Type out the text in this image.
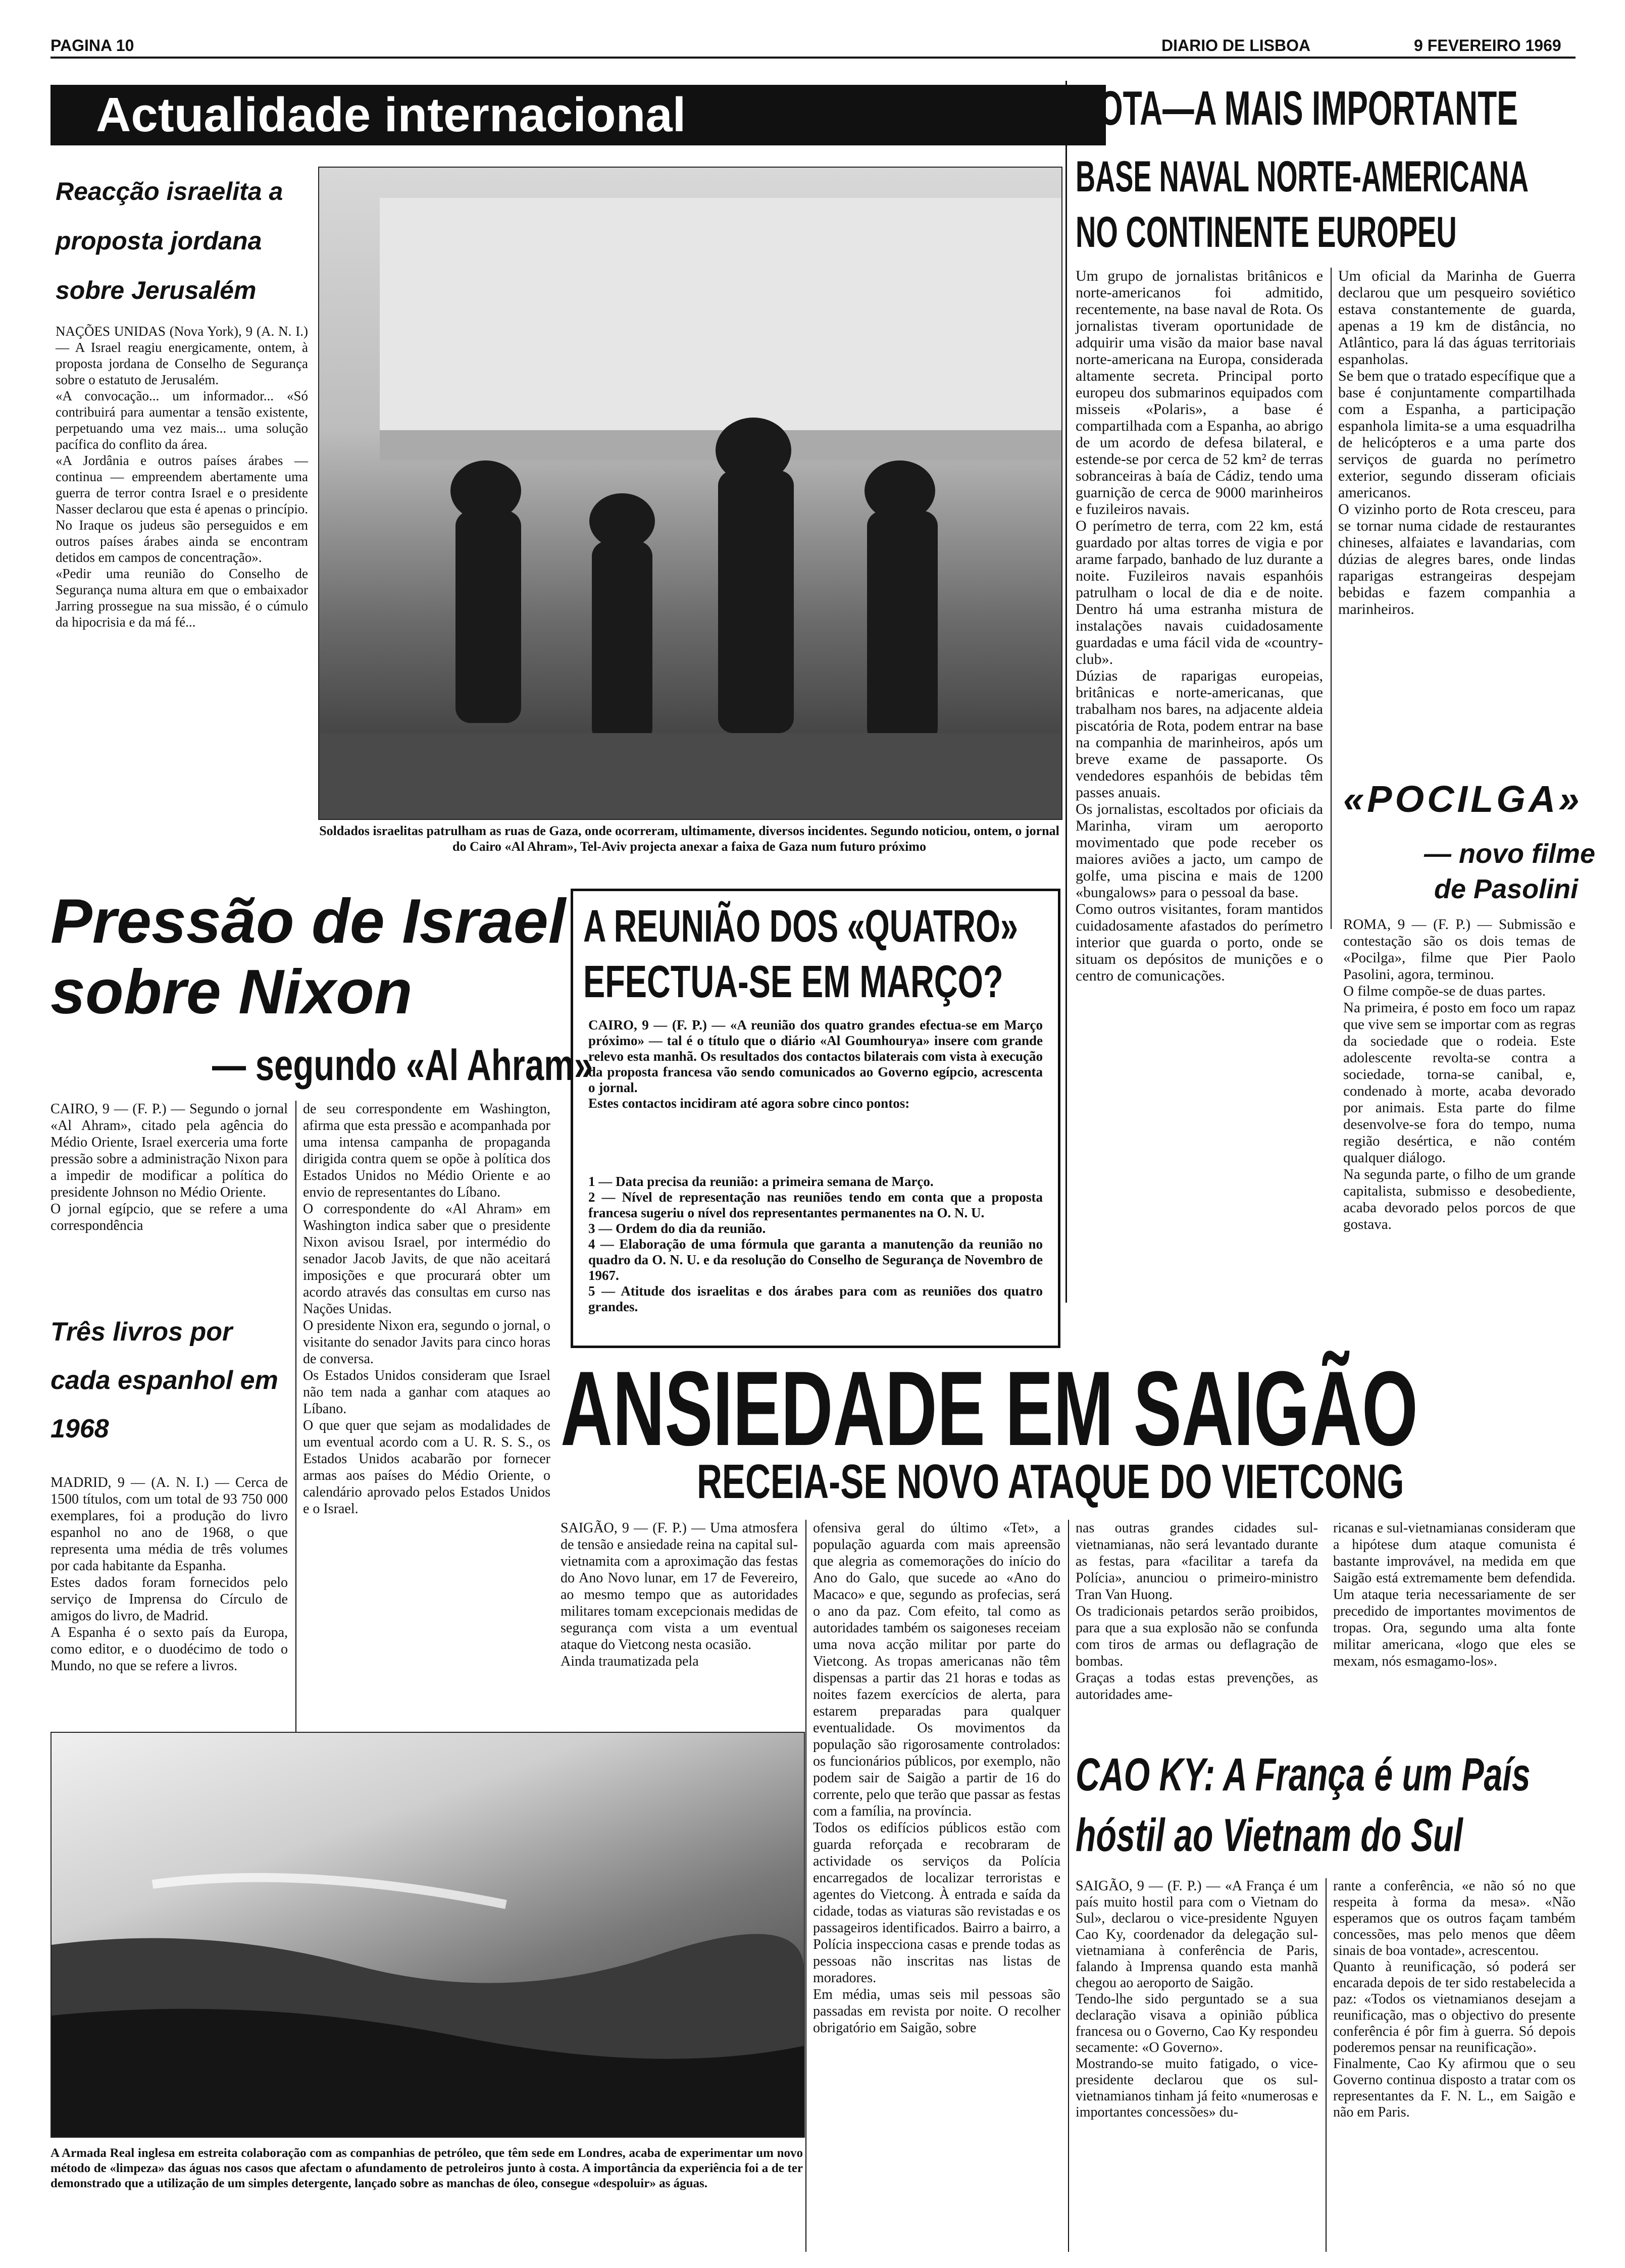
PAGINA 10	DIARIO DE LISBOA	9 FEVEREIRO 1969
Actualidade internacional
Reacção israelita a proposta jordana sobre Jerusalém
NAÇÕES UNIDAS (Nova York), 9 (A. N. I.) — A Israel reagiu energicamente, ontem, à proposta jordana de Conselho de Segurança sobre o estatuto de Jerusalém.
«A convocação... um informador... «Só contribuirá para aumentar a tensão existente, perpetuando uma vez mais... uma solução pacífica do conflito da área.
«A Jordânia e outros países árabes — continua — empreendem abertamente uma guerra de terror contra Israel e o presidente Nasser declarou que esta é apenas o princípio. No Iraque os judeus são perseguidos e em outros países árabes ainda se encontram detidos em campos de concentração».
«Pedir uma reunião do Conselho de Segurança numa altura em que o embaixador Jarring prossegue na sua missão, é o cúmulo da hipocrisia e da má fé...
Soldados israelitas patrulham as ruas de Gaza, onde ocorreram, ultimamente, diversos incidentes. Segundo noticiou, ontem, o jornal do Cairo «Al Ahram», Tel-Aviv projecta anexar a faixa de Gaza num futuro próximo
ROTA—A MAIS IMPORTANTE
BASE NAVAL NORTE-AMERICANA
NO CONTINENTE EUROPEU
Um grupo de jornalistas britânicos e norte-americanos foi admitido, recentemente, na base naval de Rota. Os jornalistas tiveram oportunidade de adquirir uma visão da maior base naval norte-americana na Europa, considerada altamente secreta. Principal porto europeu dos submarinos equipados com misseis «Polaris», a base é compartilhada com a Espanha, ao abrigo de um acordo de defesa bilateral, e estende-se por cerca de 52 km² de terras sobranceiras à baía de Cádiz, tendo uma guarnição de cerca de 9000 marinheiros e fuzileiros navais.
O perímetro de terra, com 22 km, está guardado por altas torres de vigia e por arame farpado, banhado de luz durante a noite. Fuzileiros navais espanhóis patrulham o local de dia e de noite. Dentro há uma estranha mistura de instalações navais cuidadosamente guardadas e uma fácil vida de «country-club».
Dúzias de raparigas europeias, britânicas e norte-americanas, que trabalham nos bares, na adjacente aldeia piscatória de Rota, podem entrar na base na companhia de marinheiros, após um breve exame de passaporte. Os vendedores espanhóis de bebidas têm passes anuais.
Os jornalistas, escoltados por oficiais da Marinha, viram um aeroporto movimentado que pode receber os maiores aviões a jacto, um campo de golfe, uma piscina e mais de 1200 «bungalows» para o pessoal da base.
Como outros visitantes, foram mantidos cuidadosamente afastados do perímetro interior que guarda o porto, onde se situam os depósitos de munições e o centro de comunicações.
Um oficial da Marinha de Guerra declarou que um pesqueiro soviético estava constantemente de guarda, apenas a 19 km de distância, no Atlântico, para lá das águas territoriais espanholas.
Se bem que o tratado específique que a base é conjuntamente compartilhada com a Espanha, a participação espanhola limita-se a uma esquadrilha de helicópteros e a uma parte dos serviços de guarda no perímetro exterior, segundo disseram oficiais americanos.
O vizinho porto de Rota cresceu, para se tornar numa cidade de restaurantes chineses, alfaiates e lavandarias, com dúzias de alegres bares, onde lindas raparigas estrangeiras despejam bebidas e fazem companhia a marinheiros.
«POCILGA»
— novo filme
de Pasolini
ROMA, 9 — (F. P.) — Submissão e contestação são os dois temas de «Pocilga», filme que Pier Paolo Pasolini, agora, terminou.
O filme compõe-se de duas partes.
Na primeira, é posto em foco um rapaz que vive sem se importar com as regras da sociedade que o rodeia. Este adolescente revolta-se contra a sociedade, torna-se canibal, e, condenado à morte, acaba devorado por animais. Esta parte do filme desenvolve-se fora do tempo, numa região desértica, e não contém qualquer diálogo.
Na segunda parte, o filho de um grande capitalista, submisso e desobediente, acaba devorado pelos porcos de que gostava.
Pressão de Israel
sobre Nixon
— segundo «Al Ahram»
CAIRO, 9 — (F. P.) — Segundo o jornal «Al Ahram», citado pela agência do Médio Oriente, Israel exerceria uma forte pressão sobre a administração Nixon para a impedir de modificar a política do presidente Johnson no Médio Oriente.
O jornal egípcio, que se refere a uma correspondência
de seu correspondente em Washington, afirma que esta pressão e acompanhada por uma intensa campanha de propaganda dirigida contra quem se opõe à política dos Estados Unidos no Médio Oriente e ao envio de representantes do Líbano.
O correspondente do «Al Ahram» em Washington indica saber que o presidente Nixon avisou Israel, por intermédio do senador Jacob Javits, de que não aceitará imposições e que procurará obter um acordo através das consultas em curso nas Nações Unidas.
O presidente Nixon era, segundo o jornal, o visitante do senador Javits para cinco horas de conversa.
Os Estados Unidos consideram que Israel não tem nada a ganhar com ataques ao Líbano.
O que quer que sejam as modalidades de um eventual acordo com a U. R. S. S., os Estados Unidos acabarão por fornecer armas aos países do Médio Oriente, o calendário aprovado pelos Estados Unidos e o Israel.
A REUNIÃO DOS «QUATRO»
EFECTUA-SE EM MARÇO?
CAIRO, 9 — (F. P.) — «A reunião dos quatro grandes efectua-se em Março próximo» — tal é o título que o diário «Al Goumhourya» insere com grande relevo esta manhã. Os resultados dos contactos bilaterais com vista à execução da proposta francesa vão sendo comunicados ao Governo egípcio, acrescenta o jornal.
Estes contactos incidiram até agora sobre cinco pontos:
1 — Data precisa da reunião: a primeira semana de Março.
2 — Nível de representação nas reuniões tendo em conta que a proposta francesa sugeriu o nível dos representantes permanentes na O. N. U.
3 — Ordem do dia da reunião.
4 — Elaboração de uma fórmula que garanta a manutenção da reunião no quadro da O. N. U. e da resolução do Conselho de Segurança de Novembro de 1967.
5 — Atitude dos israelitas e dos árabes para com as reuniões dos quatro grandes.
Três livros por cada espanhol em 1968
MADRID, 9 — (A. N. I.) — Cerca de 1500 títulos, com um total de 93 750 000 exemplares, foi a produção do livro espanhol no ano de 1968, o que representa uma média de três volumes por cada habitante da Espanha.
Estes dados foram fornecidos pelo serviço de Imprensa do Círculo de amigos do livro, de Madrid.
A Espanha é o sexto país da Europa, como editor, e o duodécimo de todo o Mundo, no que se refere a livros.
ANSIEDADE EM SAIGÃO
RECEIA-SE NOVO ATAQUE DO VIETCONG
SAIGÃO, 9 — (F. P.) — Uma atmosfera de tensão e ansiedade reina na capital sul-vietnamita com a aproximação das festas do Ano Novo lunar, em 17 de Fevereiro, ao mesmo tempo que as autoridades militares tomam excepcionais medidas de segurança com vista a um eventual ataque do Vietcong nesta ocasião.
Ainda traumatizada pela
ofensiva geral do último «Tet», a população aguarda com mais apreensão que alegria as comemorações do início do Ano do Galo, que sucede ao «Ano do Macaco» e que, segundo as profecias, será o ano da paz. Com efeito, tal como as autoridades também os saigoneses receiam uma nova acção militar por parte do Vietcong. As tropas americanas não têm dispensas a partir das 21 horas e todas as noites fazem exercícios de alerta, para estarem preparadas para qualquer eventualidade. Os movimentos da população são rigorosamente controlados: os funcionários públicos, por exemplo, não podem sair de Saigão a partir de 16 do corrente, pelo que terão que passar as festas com a família, na província.
Todos os edifícios públicos estão com guarda reforçada e recobraram de actividade os serviços da Polícia encarregados de localizar terroristas e agentes do Vietcong. À entrada e saída da cidade, todas as viaturas são revistadas e os passageiros identificados. Bairro a bairro, a Polícia inspecciona casas e prende todas as pessoas não inscritas nas listas de moradores.
Em média, umas seis mil pessoas são passadas em revista por noite. O recolher obrigatório em Saigão, sobre
nas outras grandes cidades sul-vietnamianas, não será levantado durante as festas, para «facilitar a tarefa da Polícia», anunciou o primeiro-ministro Tran Van Huong.
Os tradicionais petardos serão proibidos, para que a sua explosão não se confunda com tiros de armas ou deflagração de bombas.
Graças a todas estas prevenções, as autoridades ame-
ricanas e sul-vietnamianas consideram que a hipótese dum ataque comunista é bastante improvável, na medida em que Saigão está extremamente bem defendida. Um ataque teria necessariamente de ser precedido de importantes movimentos de tropas. Ora, segundo uma alta fonte militar americana, «logo que eles se mexam, nós esmagamo-los».
CAO KY: A França é um País
hóstil ao Vietnam do Sul
SAIGÃO, 9 — (F. P.) — «A França é um país muito hostil para com o Vietnam do Sul», declarou o vice-presidente Nguyen Cao Ky, coordenador da delegação sul-vietnamiana à conferência de Paris, falando à Imprensa quando esta manhã chegou ao aeroporto de Saigão.
Tendo-lhe sido perguntado se a sua declaração visava a opinião pública francesa ou o Governo, Cao Ky respondeu secamente: «O Governo».
Mostrando-se muito fatigado, o vice-presidente declarou que os sul-vietnamianos tinham já feito «numerosas e importantes concessões» du-
rante a conferência, «e não só no que respeita à forma da mesa». «Não esperamos que os outros façam também concessões, mas pelo menos que dêem sinais de boa vontade», acrescentou.
Quanto à reunificação, só poderá ser encarada depois de ter sido restabelecida a paz: «Todos os vietnamianos desejam a reunificação, mas o objectivo do presente conferência é pôr fim à guerra. Só depois poderemos pensar na reunificação».
Finalmente, Cao Ky afirmou que o seu Governo continua disposto a tratar com os representantes da F. N. L., em Saigão e não em Paris.
A Armada Real inglesa em estreita colaboração com as companhias de petróleo, que têm sede em Londres, acaba de experimentar um novo método de «limpeza» das águas nos casos que afectam o afundamento de petroleiros junto à costa. A importância da experiência foi a de ter demonstrado que a utilização de um simples detergente, lançado sobre as manchas de óleo, consegue «despoluir» as águas.
